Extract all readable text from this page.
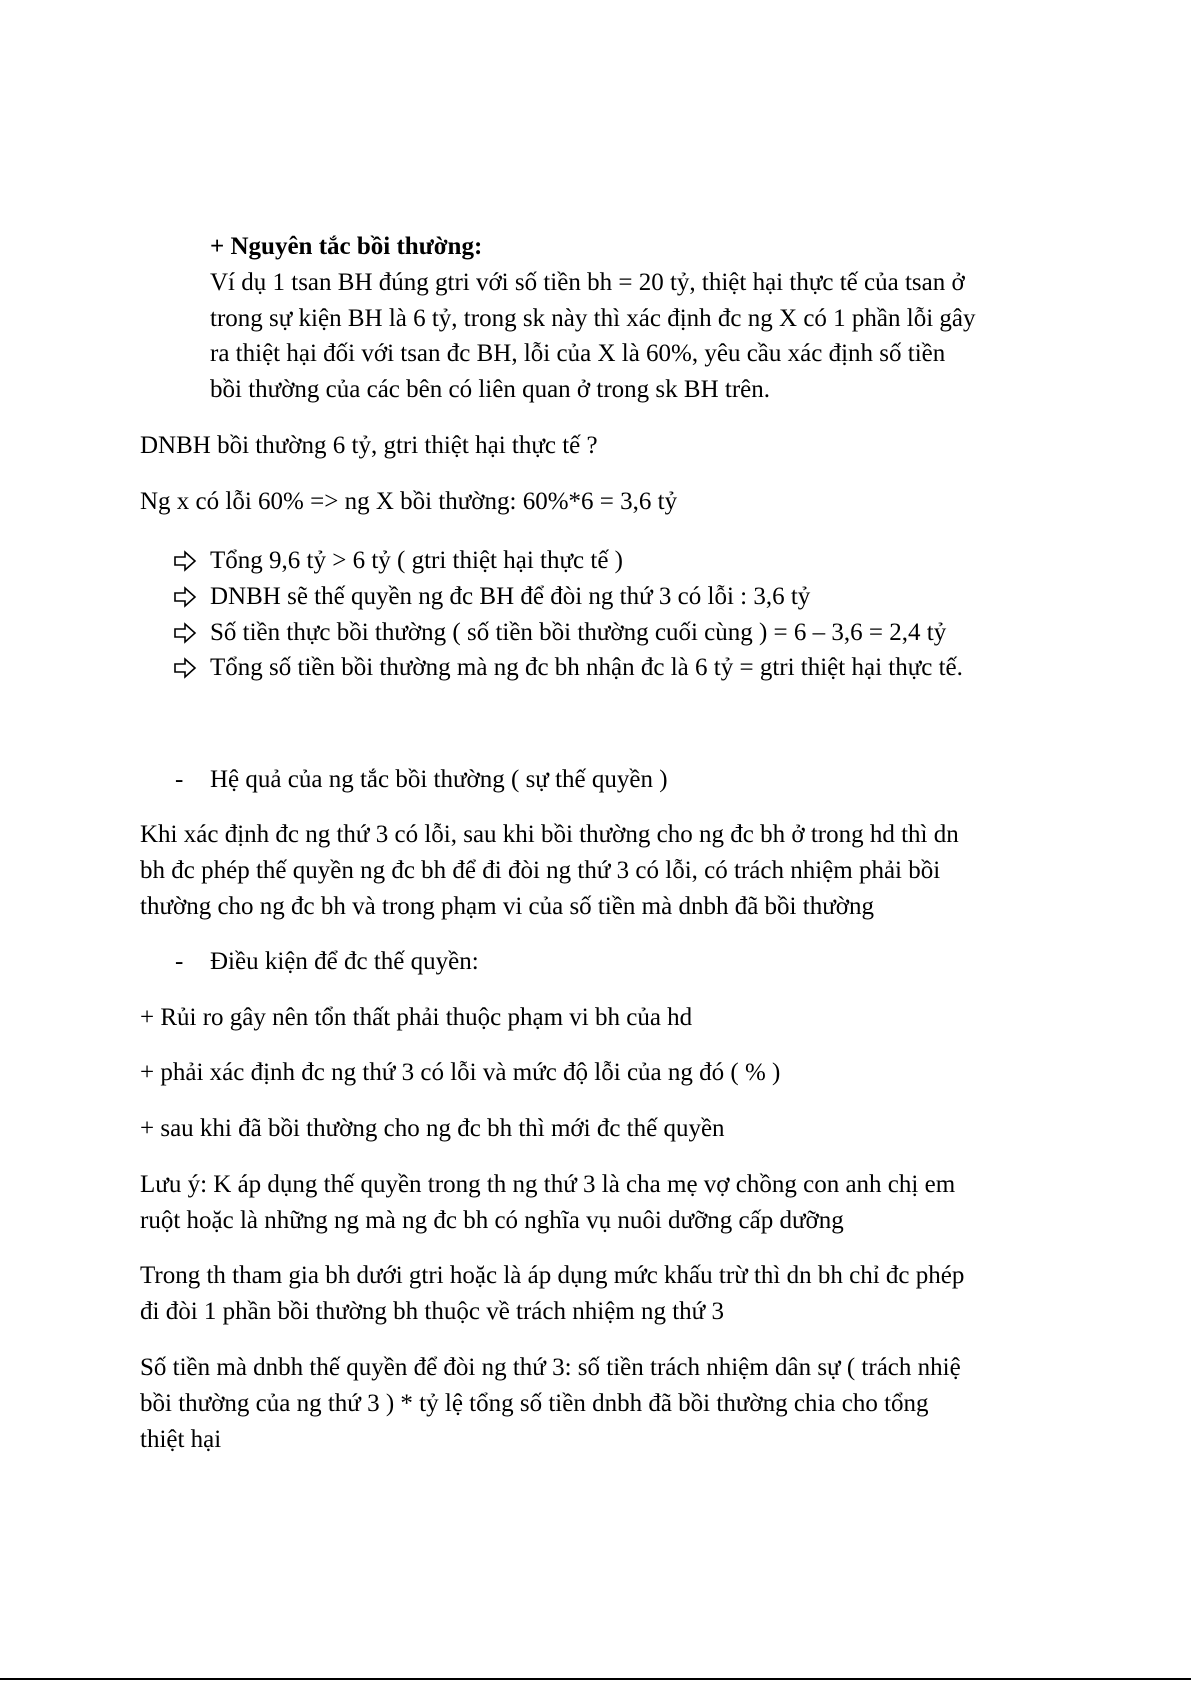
+ Nguyên tắc bồi thường:
Ví dụ 1 tsan BH đúng gtri với số tiền bh = 20 tỷ, thiệt hại thực tế của tsan ở
trong sự kiện BH là 6 tỷ, trong sk này thì xác định đc ng X có 1 phần lỗi gây
ra thiệt hại đối với tsan đc BH, lỗi của X là 60%, yêu cầu xác định số tiền
bồi thường của các bên có liên quan ở trong sk BH trên.
DNBH bồi thường 6 tỷ, gtri thiệt hại thực tế ?
Ng x có lỗi 60% => ng X bồi thường: 60%*6 = 3,6 tỷ
Tổng 9,6 tỷ > 6 tỷ ( gtri thiệt hại thực tế )
DNBH sẽ thế quyền ng đc BH để đòi ng thứ 3 có lỗi : 3,6 tỷ
Số tiền thực bồi thường ( số tiền bồi thường cuối cùng ) = 6 – 3,6 = 2,4 tỷ
Tổng số tiền bồi thường mà ng đc bh nhận đc là 6 tỷ = gtri thiệt hại thực tế.
- Hệ quả của ng tắc bồi thường ( sự thế quyền )
Khi xác định đc ng thứ 3 có lỗi, sau khi bồi thường cho ng đc bh ở trong hd thì dn
bh đc phép thế quyền ng đc bh để đi đòi ng thứ 3 có lỗi, có trách nhiệm phải bồi
thường cho ng đc bh và trong phạm vi của số tiền mà dnbh đã bồi thường
- Điều kiện để đc thế quyền:
+ Rủi ro gây nên tổn thất phải thuộc phạm vi bh của hd
+ phải xác định đc ng thứ 3 có lỗi và mức độ lỗi của ng đó ( % )
+ sau khi đã bồi thường cho ng đc bh thì mới đc thế quyền
Lưu ý: K áp dụng thế quyền trong th ng thứ 3 là cha mẹ vợ chồng con anh chị em
ruột hoặc là những ng mà ng đc bh có nghĩa vụ nuôi dưỡng cấp dưỡng
Trong th tham gia bh dưới gtri hoặc là áp dụng mức khấu trừ thì dn bh chỉ đc phép
đi đòi 1 phần bồi thường bh thuộc về trách nhiệm ng thứ 3
Số tiền mà dnbh thế quyền để đòi ng thứ 3: số tiền trách nhiệm dân sự ( trách nhiệ
bồi thường của ng thứ 3 ) * tỷ lệ tổng số tiền dnbh đã bồi thường chia cho tổng
thiệt hại
